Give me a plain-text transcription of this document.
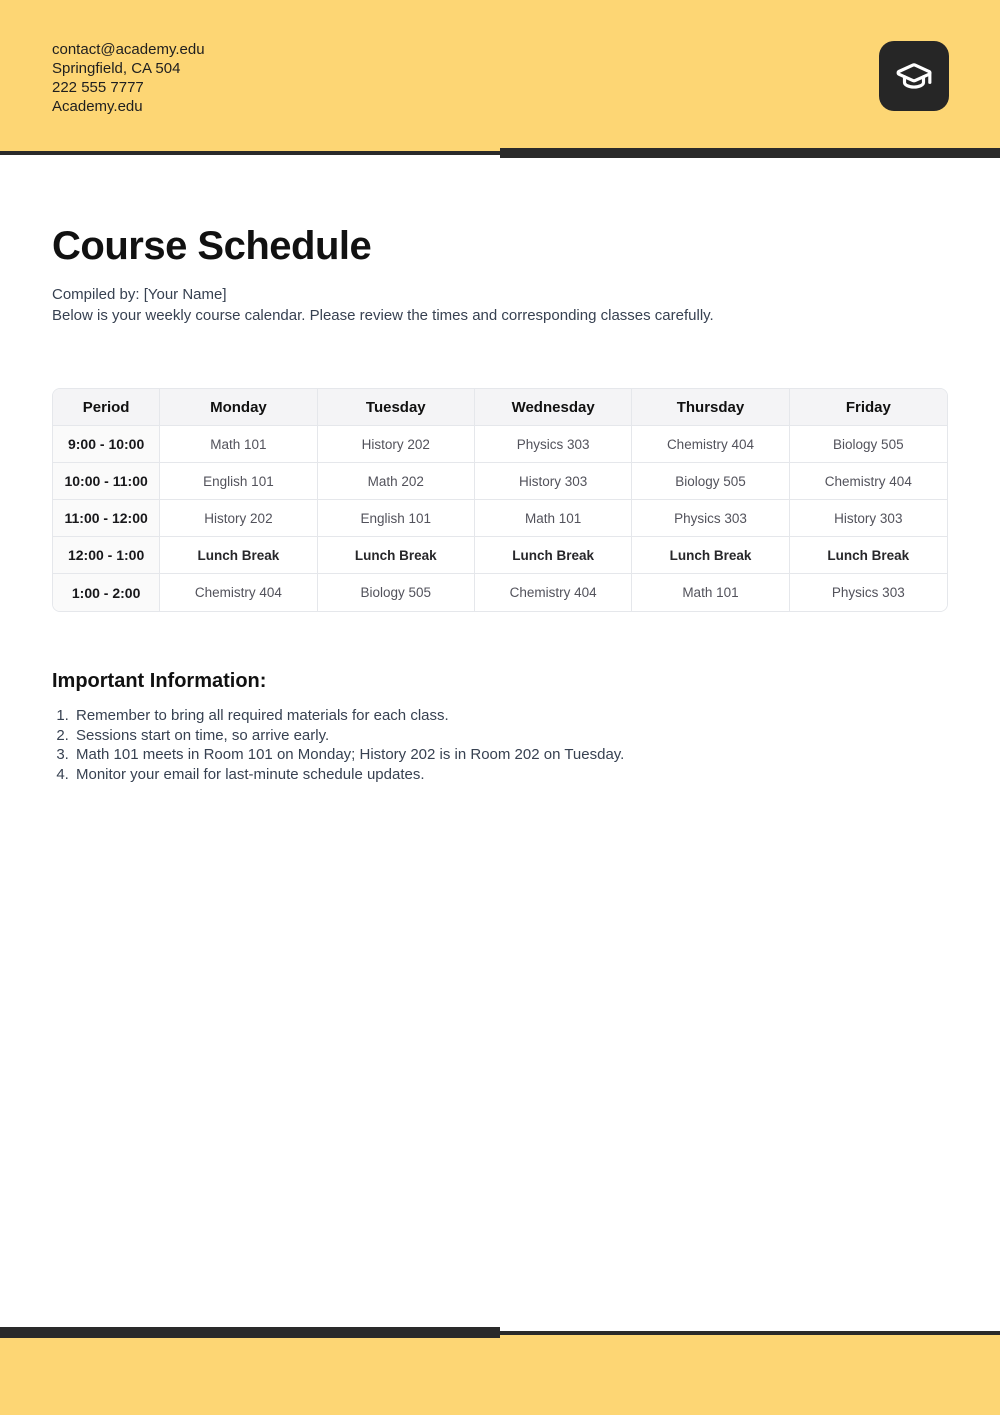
contact@academy.edu
Springfield, CA 504
222 555 7777
Academy.edu
Course Schedule

Compiled by: [Your Name]

Below is your weekly course calendar. Please review the times and corresponding classes carefully.

Period	Monday	Tuesday	Wednesday	Thursday	Friday
9:00 - 10:00	Math 101	History 202	Physics 303	Chemistry 404	Biology 505
10:00 - 11:00	English 101	Math 202	History 303	Biology 505	Chemistry 404
11:00 - 12:00	History 202	English 101	Math 101	Physics 303	History 303
12:00 - 1:00	Lunch Break	Lunch Break	Lunch Break	Lunch Break	Lunch Break
1:00 - 2:00	Chemistry 404	Biology 505	Chemistry 404	Math 101	Physics 303
Important Information:
1. Remember to bring all required materials for each class.
2. Sessions start on time, so arrive early.
3. Math 101 meets in Room 101 on Monday; History 202 is in Room 202 on Tuesday.
4. Monitor your email for last-minute schedule updates.
